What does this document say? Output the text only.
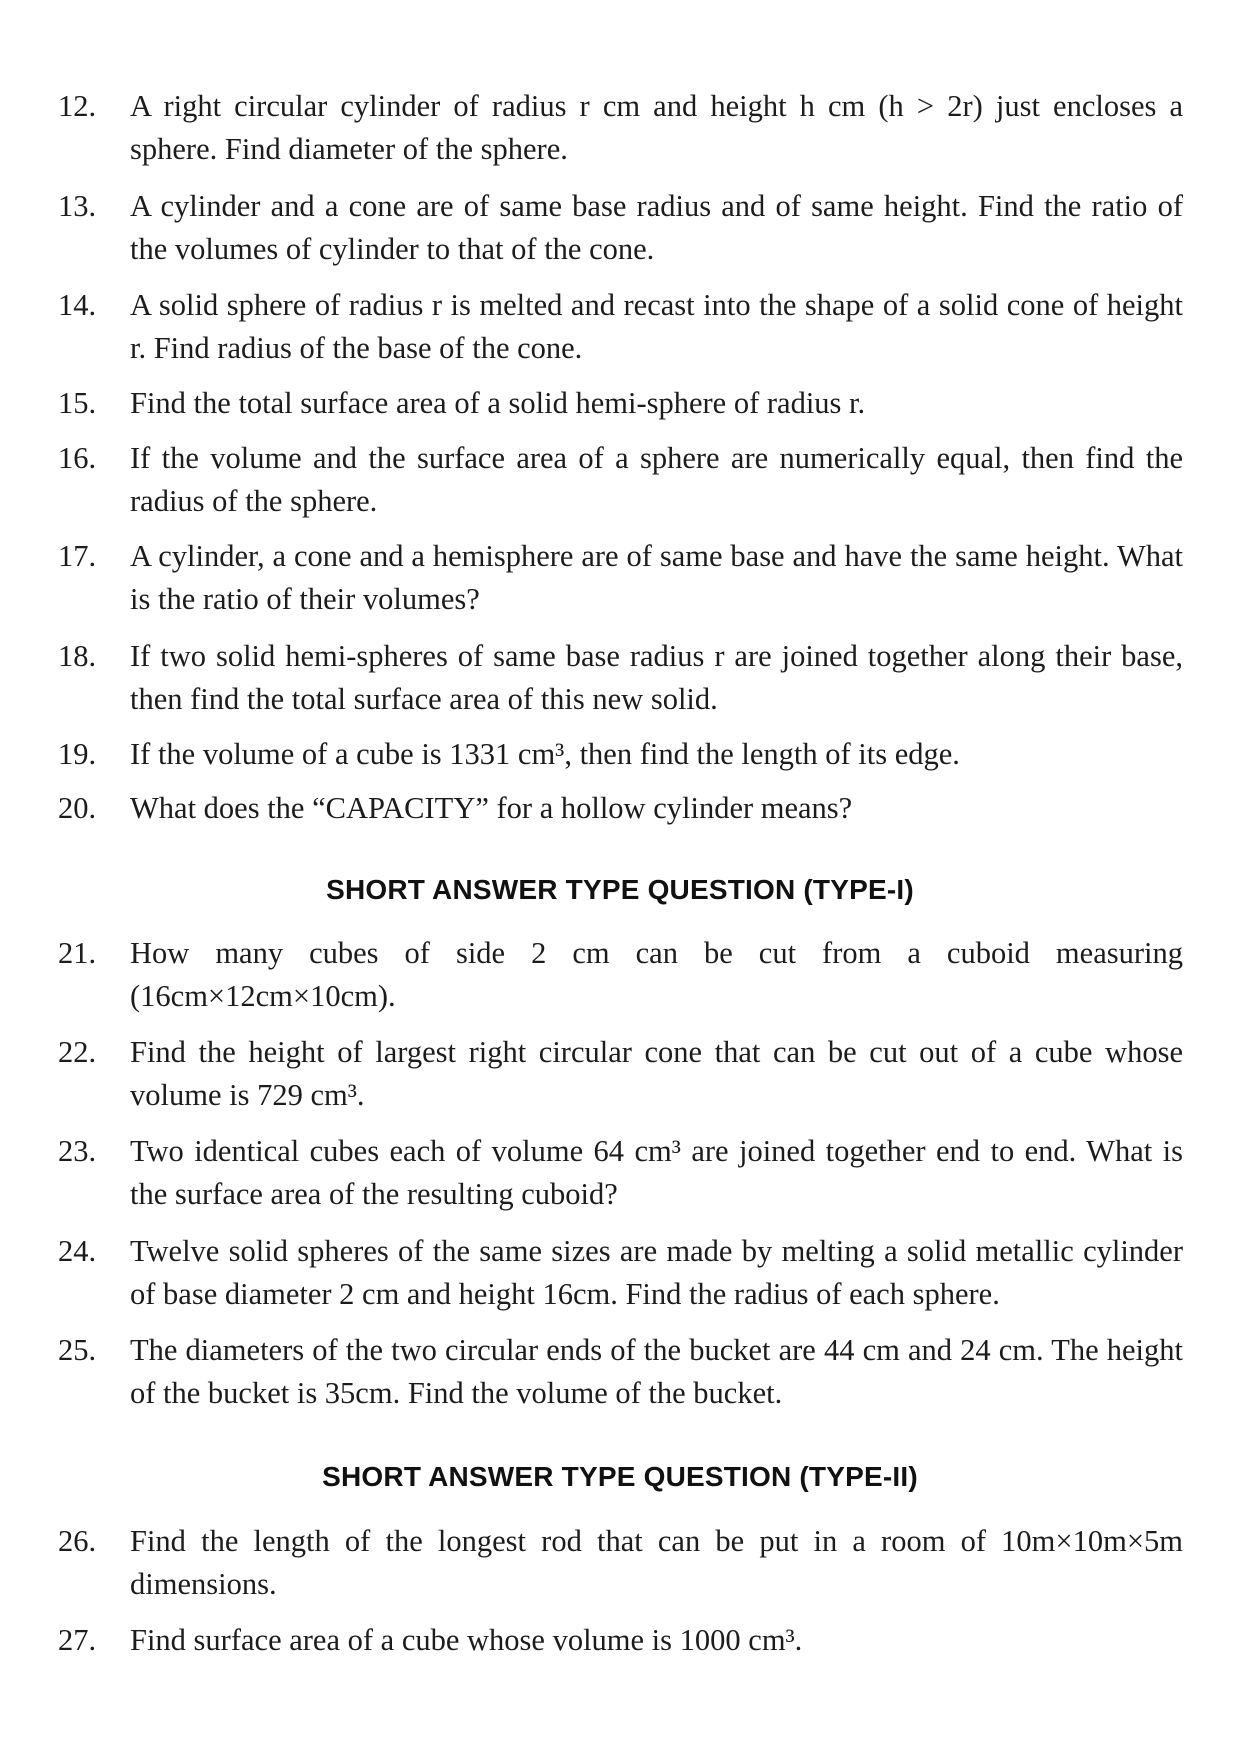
12.	A right circular cylinder of radius r cm and height h cm (h > 2r) just encloses a sphere. Find diameter of the sphere.
13.	A cylinder and a cone are of same base radius and of same height. Find the ratio of the volumes of cylinder to that of the cone.
14.	A solid sphere of radius r is melted and recast into the shape of a solid cone of height r. Find radius of the base of the cone.
15.	Find the total surface area of a solid hemi-sphere of radius r.
16.	If the volume and the surface area of a sphere are numerically equal, then find the radius of the sphere.
17.	A cylinder, a cone and a hemisphere are of same base and have the same height. What is the ratio of their volumes?
18.	If two solid hemi-spheres of same base radius r are joined together along their base, then find the total surface area of this new solid.
19.	If the volume of a cube is 1331 cm³, then find the length of its edge.
20.	What does the “CAPACITY” for a hollow cylinder means?
SHORT ANSWER TYPE QUESTION (TYPE-I)
21.	How many cubes of side 2 cm can be cut from a cuboid measuring (16cm×12cm×10cm).
22.	Find the height of largest right circular cone that can be cut out of a cube whose volume is 729 cm³.
23.	Two identical cubes each of volume 64 cm³ are joined together end to end. What is the surface area of the resulting cuboid?
24.	Twelve solid spheres of the same sizes are made by melting a solid metallic cylinder of base diameter 2 cm and height 16cm. Find the radius of each sphere.
25.	The diameters of the two circular ends of the bucket are 44 cm and 24 cm. The height of the bucket is 35cm. Find the volume of the bucket.
SHORT ANSWER TYPE QUESTION (TYPE-II)
26.	Find the length of the longest rod that can be put in a room of 10m×10m×5m dimensions.
27.	Find surface area of a cube whose volume is 1000 cm³.
